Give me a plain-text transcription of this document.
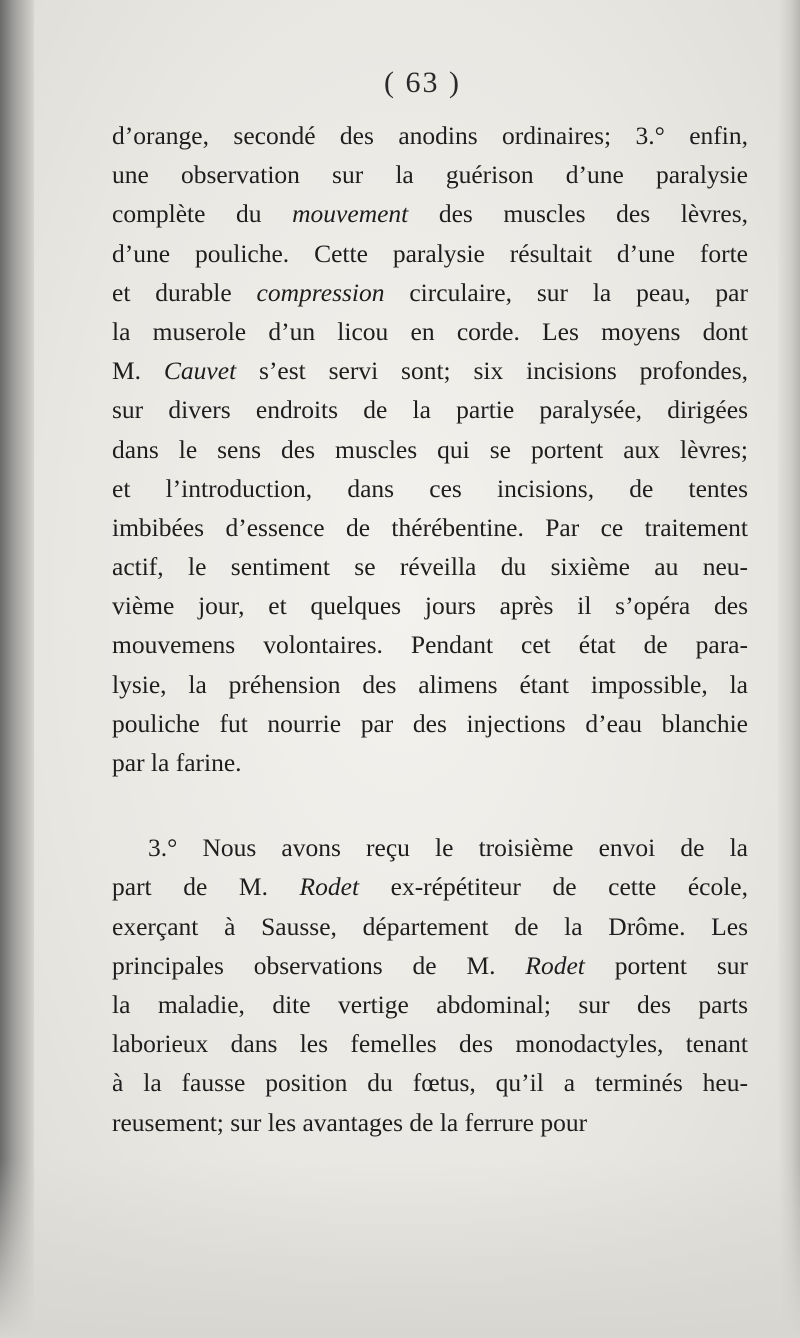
( 63 )
d’orange, secondé des anodins ordinaires; 3.° enfin,
une observation sur la guérison d’une paralysie
complète du mouvement des muscles des lèvres,
d’une pouliche. Cette paralysie résultait d’une forte
et durable compression circulaire, sur la peau, par
la muserole d’un licou en corde. Les moyens dont
M. Cauvet s’est servi sont; six incisions profondes,
sur divers endroits de la partie paralysée, dirigées
dans le sens des muscles qui se portent aux lèvres;
et l’introduction, dans ces incisions, de tentes
imbibées d’essence de thérébentine. Par ce traitement
actif, le sentiment se réveilla du sixième au neu-
vième jour, et quelques jours après il s’opéra des
mouvemens volontaires. Pendant cet état de para-
lysie, la préhension des alimens étant impossible, la
pouliche fut nourrie par des injections d’eau blanchie
par la farine.
3.° Nous avons reçu le troisième envoi de la
part de M. Rodet ex-répétiteur de cette école,
exerçant à Sausse, département de la Drôme. Les
principales observations de M. Rodet portent sur
la maladie, dite vertige abdominal; sur des parts
laborieux dans les femelles des monodactyles, tenant
à la fausse position du fœtus, qu’il a terminés heu-
reusement; sur les avantages de la ferrure pour
